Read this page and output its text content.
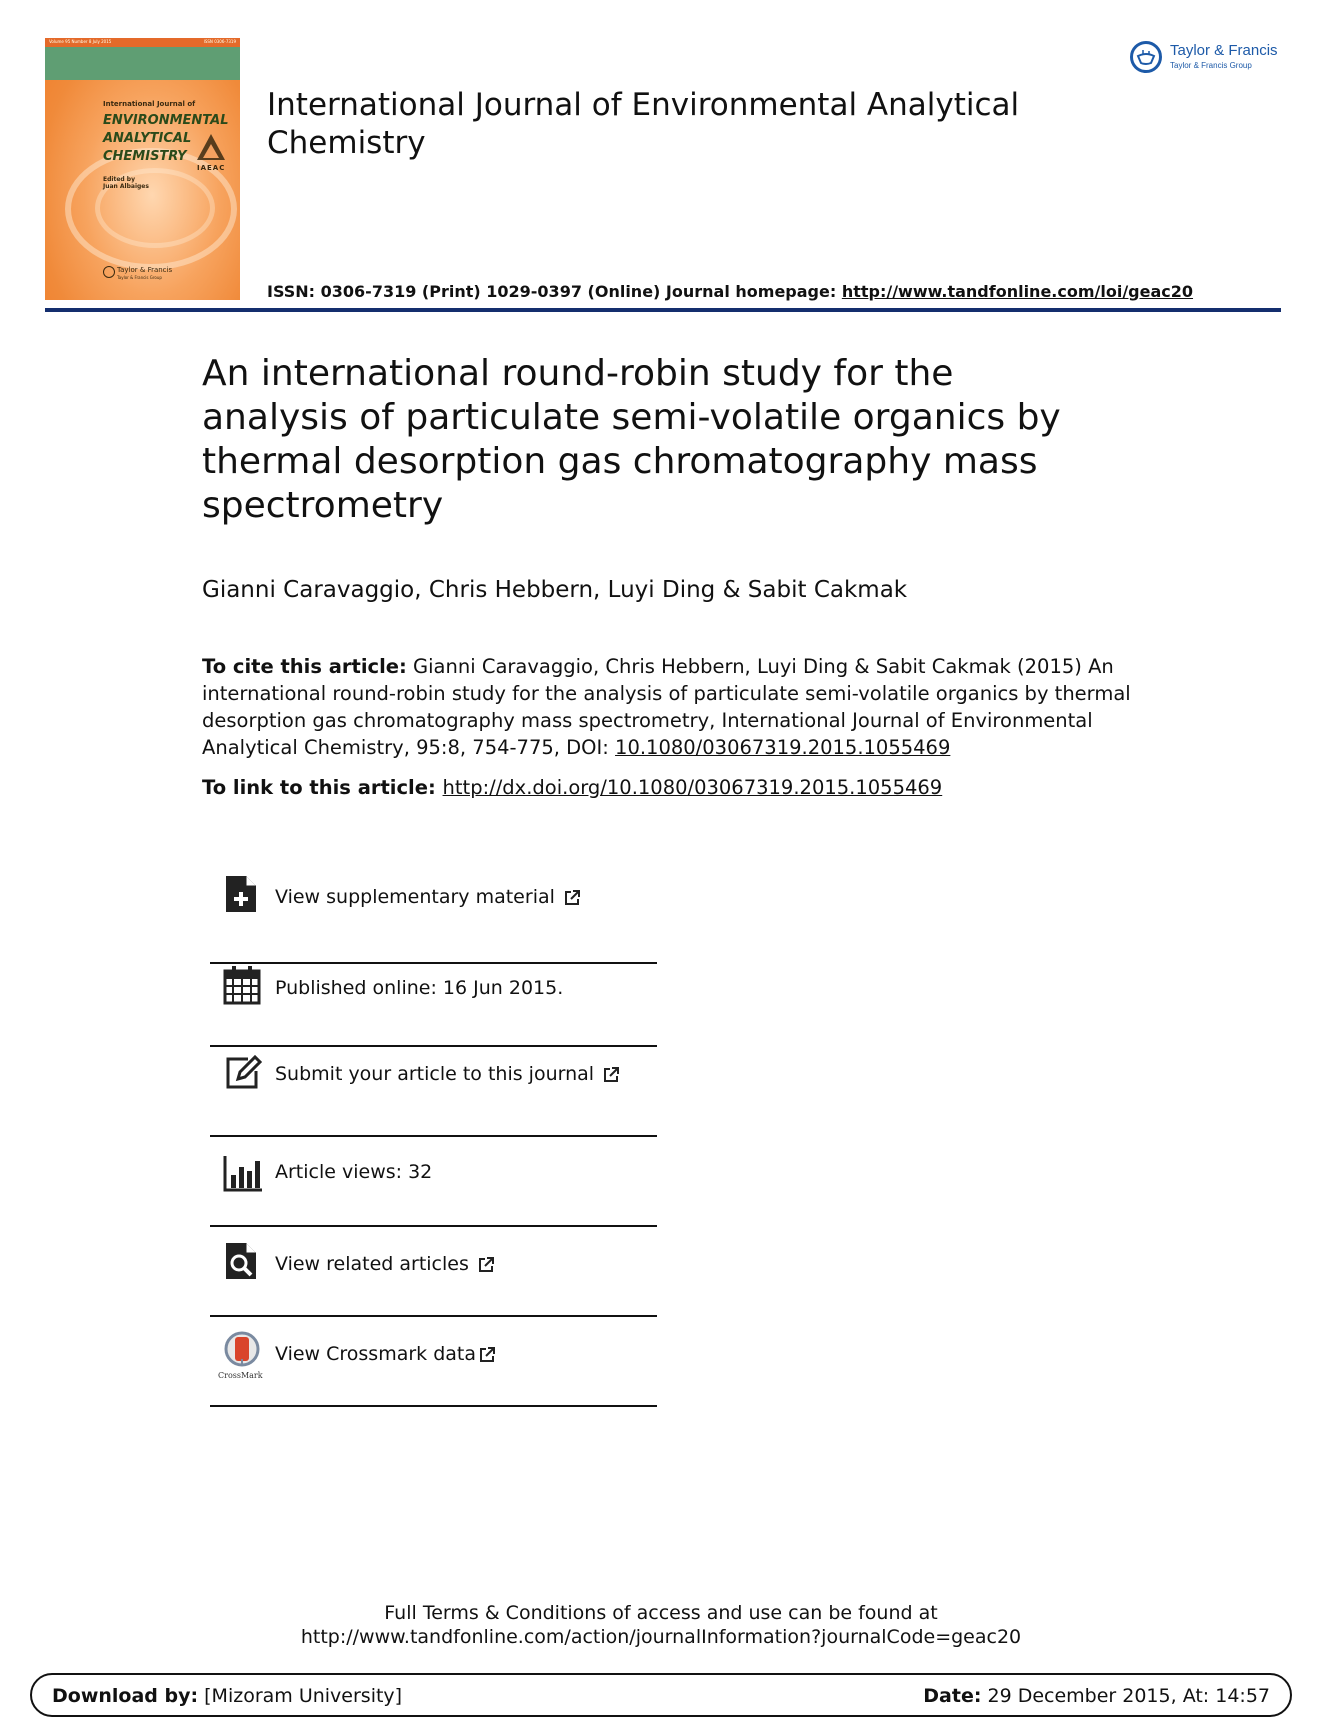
Volume 95 Number 8 July 2015	ISSN 0306-7319
International Journal of
ENVIRONMENTAL ANALYTICAL CHEMISTRY
IAEAC
Edited by
Juan Albaiges
Taylor & Francis
Taylor & Francis Group
Taylor & Francis
Taylor & Francis Group
International Journal of Environmental Analytical Chemistry
ISSN: 0306-7319 (Print) 1029-0397 (Online) Journal homepage: http://www.tandfonline.com/loi/geac20
An international round-robin study for the analysis of particulate semi-volatile organics by thermal desorption gas chromatography mass spectrometry
Gianni Caravaggio, Chris Hebbern, Luyi Ding & Sabit Cakmak
To cite this article: Gianni Caravaggio, Chris Hebbern, Luyi Ding & Sabit Cakmak (2015) An international round-robin study for the analysis of particulate semi-volatile organics by thermal desorption gas chromatography mass spectrometry, International Journal of Environmental Analytical Chemistry, 95:8, 754-775, DOI: 10.1080/03067319.2015.1055469
To link to this article: http://dx.doi.org/10.1080/03067319.2015.1055469
View supplementary material
Published online: 16 Jun 2015.
Submit your article to this journal
Article views: 32
View related articles
CrossMark
View Crossmark data
Full Terms & Conditions of access and use can be found at
http://www.tandfonline.com/action/journalInformation?journalCode=geac20
Download by: [Mizoram University]	Date: 29 December 2015, At: 14:57
